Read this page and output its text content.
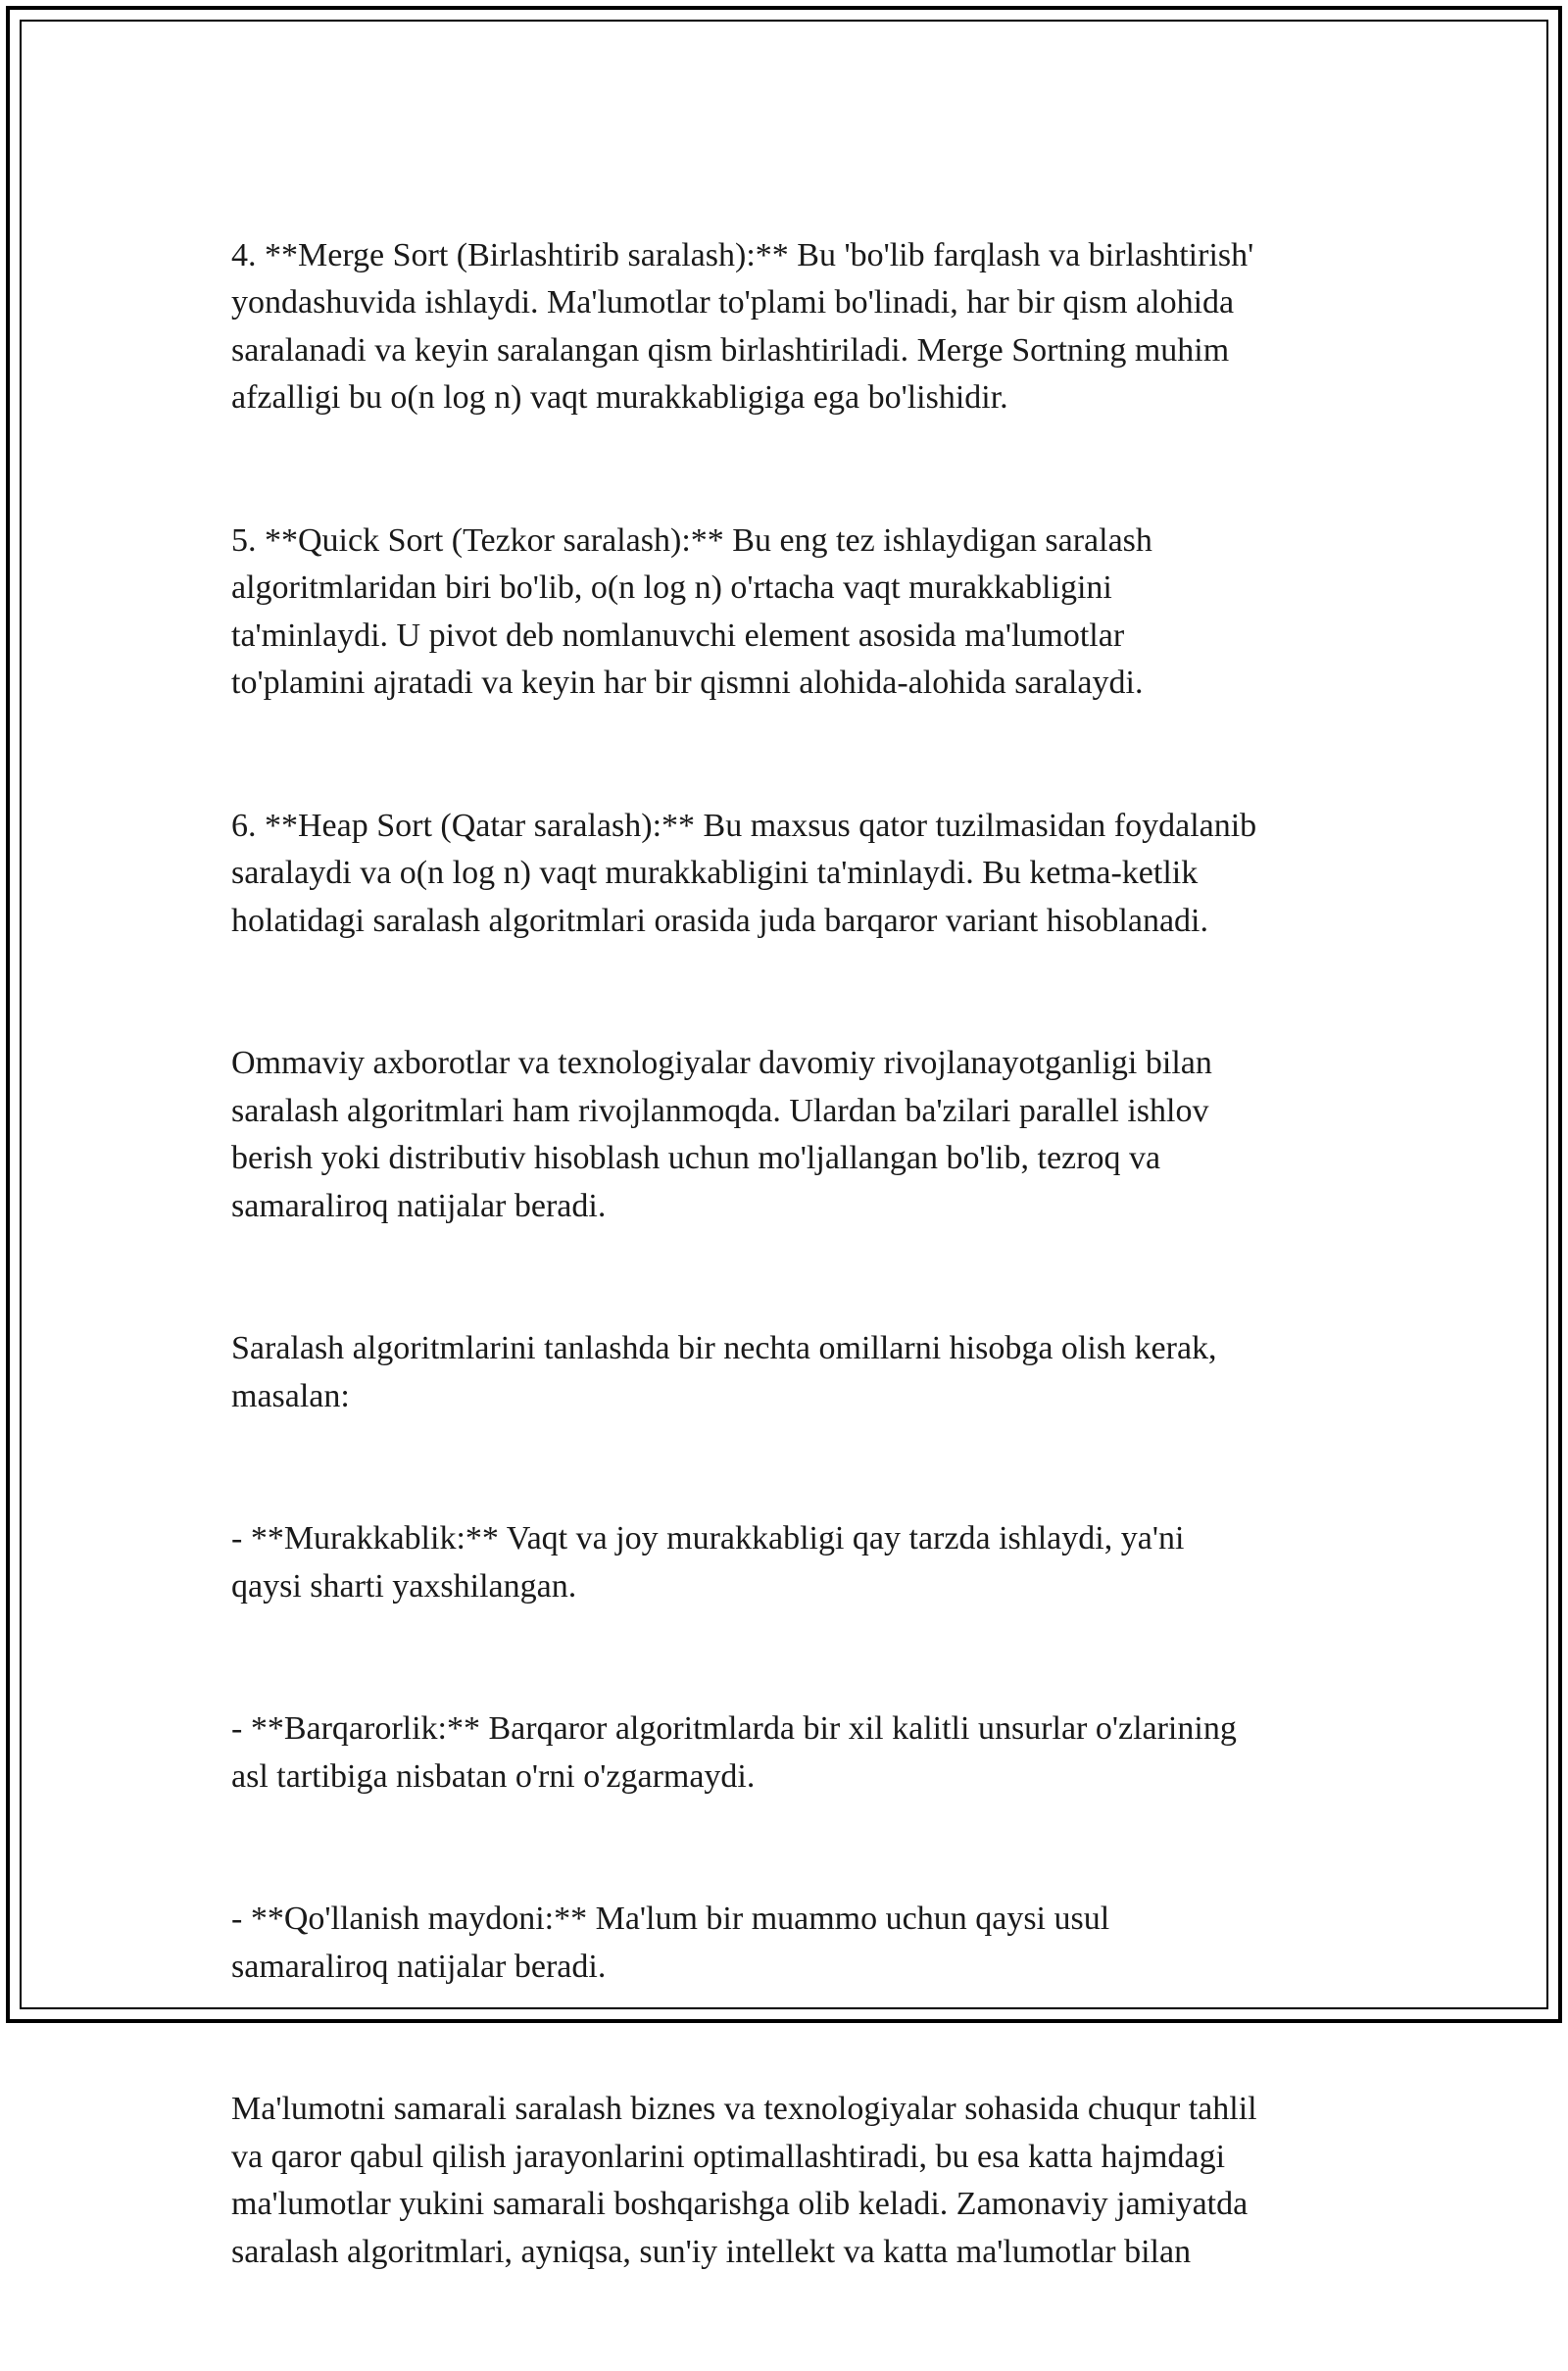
4. **Merge Sort (Birlashtirib saralash):** Bu 'bo'lib farqlash va birlashtirish'
yondashuvida ishlaydi. Ma'lumotlar to'plami bo'linadi, har bir qism alohida
saralanadi va keyin saralangan qism birlashtiriladi. Merge Sortning muhim
afzalligi bu o(n log n) vaqt murakkabligiga ega bo'lishidir.

5. **Quick Sort (Tezkor saralash):** Bu eng tez ishlaydigan saralash
algoritmlaridan biri bo'lib, o(n log n) o'rtacha vaqt murakkabligini
ta'minlaydi. U pivot deb nomlanuvchi element asosida ma'lumotlar
to'plamini ajratadi va keyin har bir qismni alohida-alohida saralaydi.

6. **Heap Sort (Qatar saralash):** Bu maxsus qator tuzilmasidan foydalanib
saralaydi va o(n log n) vaqt murakkabligini ta'minlaydi. Bu ketma-ketlik
holatidagi saralash algoritmlari orasida juda barqaror variant hisoblanadi.

Ommaviy axborotlar va texnologiyalar davomiy rivojlanayotganligi bilan
saralash algoritmlari ham rivojlanmoqda. Ulardan ba'zilari parallel ishlov
berish yoki distributiv hisoblash uchun mo'ljallangan bo'lib, tezroq va
samaraliroq natijalar beradi.

Saralash algoritmlarini tanlashda bir nechta omillarni hisobga olish kerak,
masalan:

- **Murakkablik:** Vaqt va joy murakkabligi qay tarzda ishlaydi, ya'ni
qaysi sharti yaxshilangan.

- **Barqarorlik:** Barqaror algoritmlarda bir xil kalitli unsurlar o'zlarining
asl tartibiga nisbatan o'rni o'zgarmaydi.

- **Qo'llanish maydoni:** Ma'lum bir muammo uchun qaysi usul
samaraliroq natijalar beradi.

Ma'lumotni samarali saralash biznes va texnologiyalar sohasida chuqur tahlil
va qaror qabul qilish jarayonlarini optimallashtiradi, bu esa katta hajmdagi
ma'lumotlar yukini samarali boshqarishga olib keladi. Zamonaviy jamiyatda
saralash algoritmlari, ayniqsa, sun'iy intellekt va katta ma'lumotlar bilan
